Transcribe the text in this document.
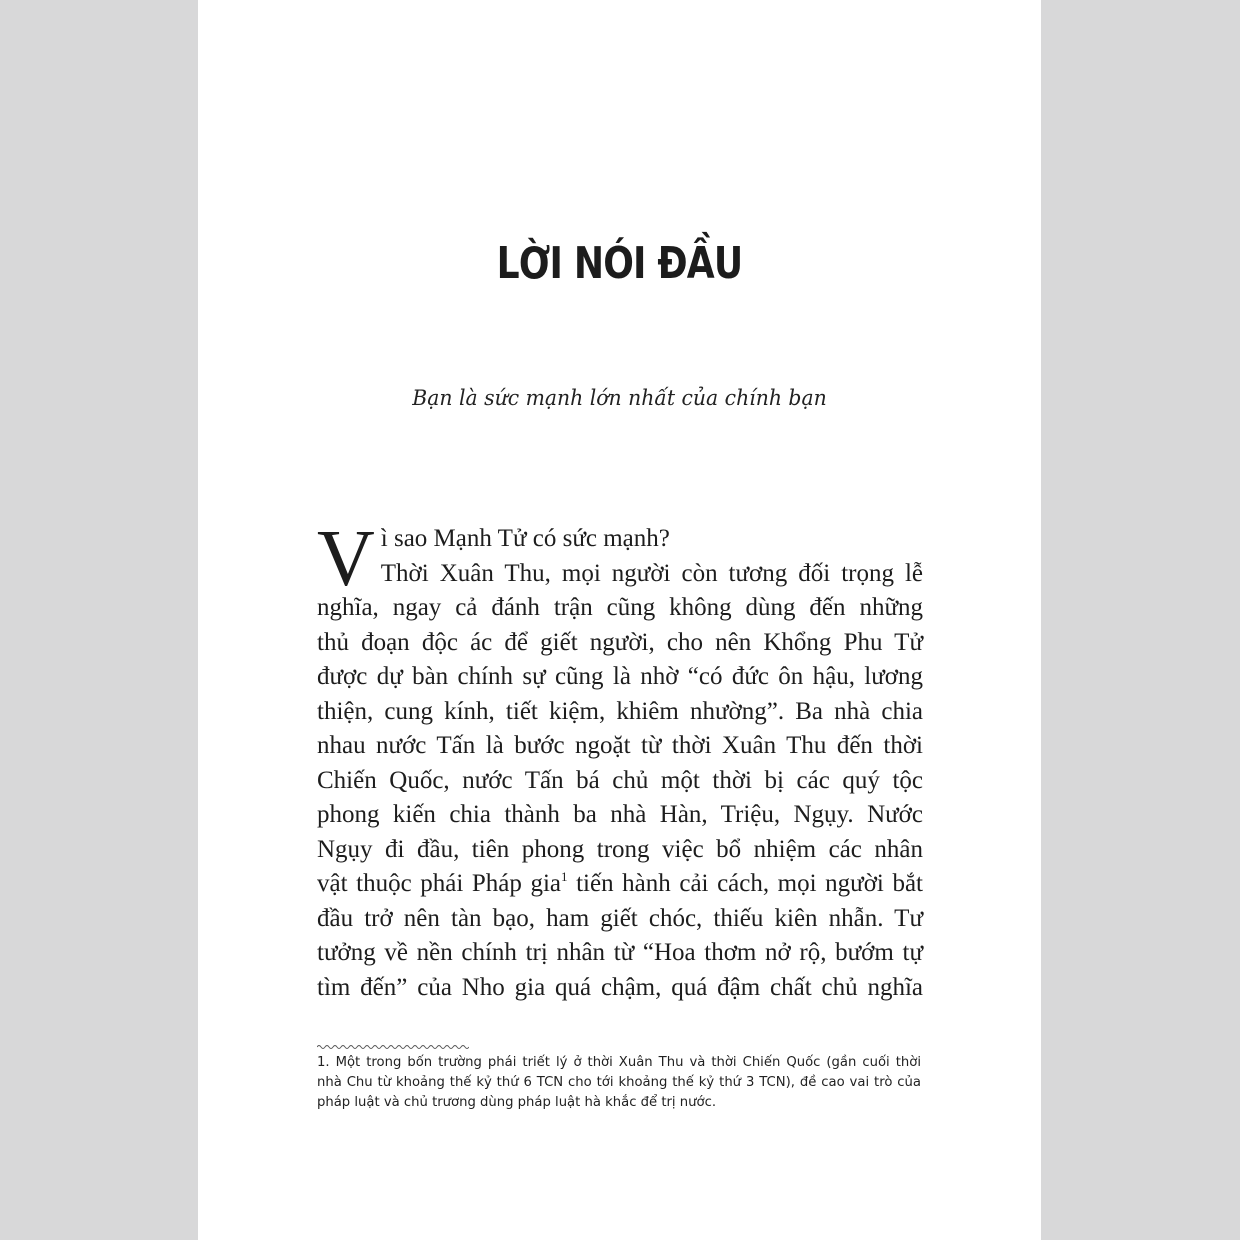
LỜI NÓI ĐẦU
Bạn là sức mạnh lớn nhất của chính bạn
V ì sao Mạnh Tử có sức mạnh?
Thời Xuân Thu, mọi người còn tương đối trọng lễ
nghĩa, ngay cả đánh trận cũng không dùng đến những
thủ đoạn độc ác để giết người, cho nên Khổng Phu Tử
được dự bàn chính sự cũng là nhờ “có đức ôn hậu, lương
thiện, cung kính, tiết kiệm, khiêm nhường”. Ba nhà chia
nhau nước Tấn là bước ngoặt từ thời Xuân Thu đến thời
Chiến Quốc, nước Tấn bá chủ một thời bị các quý tộc
phong kiến chia thành ba nhà Hàn, Triệu, Ngụy. Nước
Ngụy đi đầu, tiên phong trong việc bổ nhiệm các nhân
vật thuộc phái Pháp gia$^1$ tiến hành cải cách, mọi người bắt
đầu trở nên tàn bạo, ham giết chóc, thiếu kiên nhẫn. Tư
tưởng về nền chính trị nhân từ “Hoa thơm nở rộ, bướm tự
tìm đến” của Nho gia quá chậm, quá đậm chất chủ nghĩa
1. Một trong bốn trường phái triết lý ở thời Xuân Thu và thời Chiến Quốc (gần cuối thời
nhà Chu từ khoảng thế kỷ thứ 6 TCN cho tới khoảng thế kỷ thứ 3 TCN), đề cao vai trò của
pháp luật và chủ trương dùng pháp luật hà khắc để trị nước.
